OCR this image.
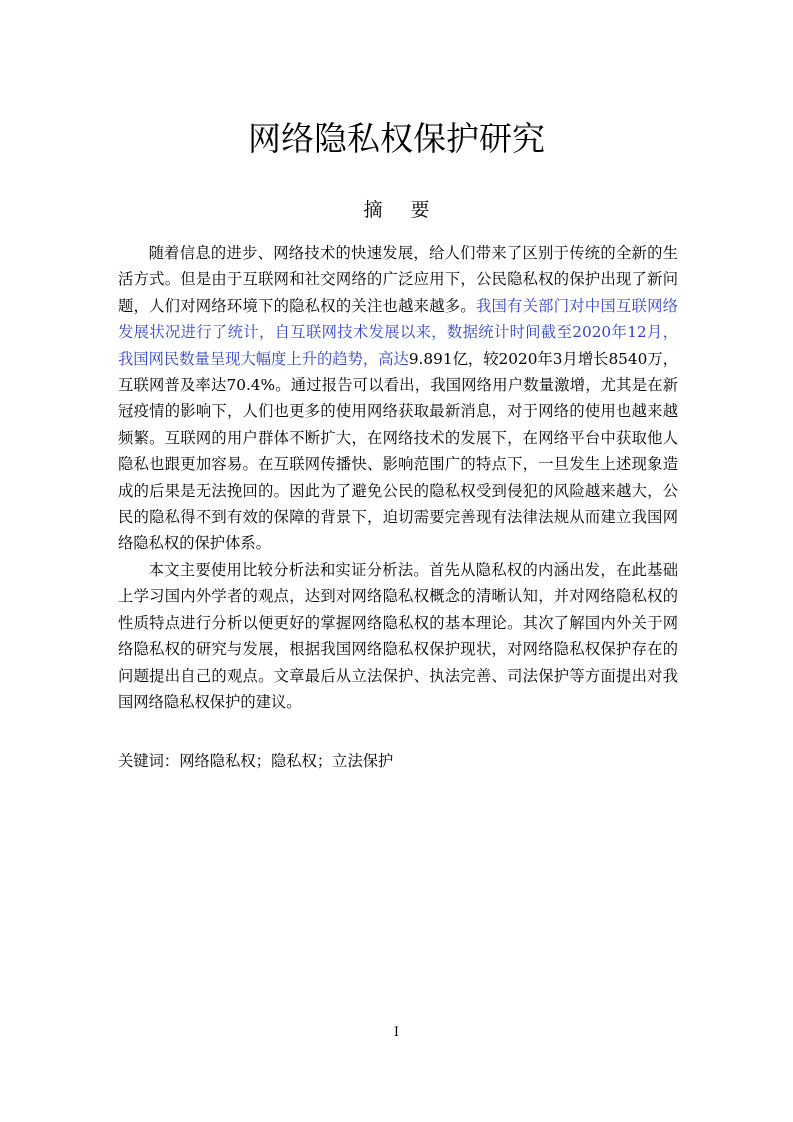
网络隐私权保护研究
摘 要

随着信息的进步、网络技术的快速发展，给人们带来了区别于传统的全新的生活方式。但是由于互联网和社交网络的广泛应用下，公民隐私权的保护出现了新问题，人们对网络环境下的隐私权的关注也越来越多。我国有关部门对中国互联网络发展状况进行了统计，自互联网技术发展以来，数据统计时间截至2020年12月，我国网民数量呈现大幅度上升的趋势，高达9.891亿，较2020年3月增长8540万，互联网普及率达70.4%。通过报告可以看出，我国网络用户数量激增，尤其是在新冠疫情的影响下，人们也更多的使用网络获取最新消息，对于网络的使用也越来越频繁。互联网的用户群体不断扩大，在网络技术的发展下，在网络平台中获取他人隐私也跟更加容易。在互联网传播快、影响范围广的特点下，一旦发生上述现象造成的后果是无法挽回的。因此为了避免公民的隐私权受到侵犯的风险越来越大，公民的隐私得不到有效的保障的背景下，迫切需要完善现有法律法规从而建立我国网络隐私权的保护体系。

本文主要使用比较分析法和实证分析法。首先从隐私权的内涵出发，在此基础上学习国内外学者的观点，达到对网络隐私权概念的清晰认知，并对网络隐私权的性质特点进行分析以便更好的掌握网络隐私权的基本理论。其次了解国内外关于网络隐私权的研究与发展，根据我国网络隐私权保护现状，对网络隐私权保护存在的问题提出自己的观点。文章最后从立法保护、执法完善、司法保护等方面提出对我国网络隐私权保护的建议。

关键词：网络隐私权；隐私权；立法保护
I
